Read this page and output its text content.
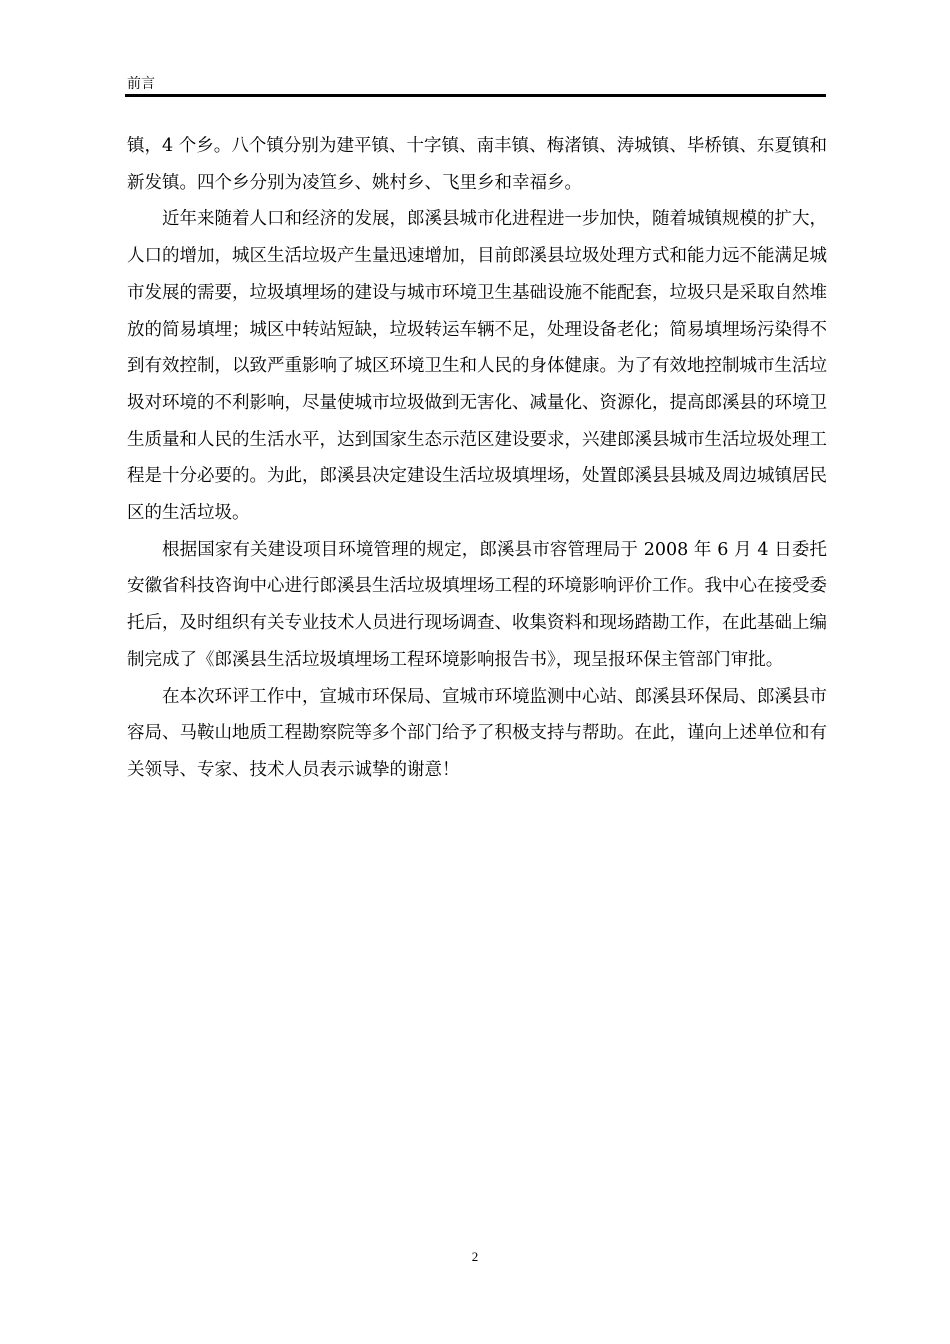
前言

镇，4 个乡。八个镇分别为建平镇、十字镇、南丰镇、梅渚镇、涛城镇、毕桥镇、东夏镇和新发镇。四个乡分别为凌笪乡、姚村乡、飞里乡和幸福乡。

近年来随着人口和经济的发展，郎溪县城市化进程进一步加快，随着城镇规模的扩大，人口的增加，城区生活垃圾产生量迅速增加，目前郎溪县垃圾处理方式和能力远不能满足城市发展的需要，垃圾填埋场的建设与城市环境卫生基础设施不能配套，垃圾只是采取自然堆放的简易填埋；城区中转站短缺，垃圾转运车辆不足，处理设备老化；简易填埋场污染得不到有效控制，以致严重影响了城区环境卫生和人民的身体健康。为了有效地控制城市生活垃圾对环境的不利影响，尽量使城市垃圾做到无害化、减量化、资源化，提高郎溪县的环境卫生质量和人民的生活水平，达到国家生态示范区建设要求，兴建郎溪县城市生活垃圾处理工程是十分必要的。为此，郎溪县决定建设生活垃圾填埋场，处置郎溪县县城及周边城镇居民区的生活垃圾。

根据国家有关建设项目环境管理的规定，郎溪县市容管理局于 2008 年 6 月 4 日委托安徽省科技咨询中心进行郎溪县生活垃圾填埋场工程的环境影响评价工作。我中心在接受委托后，及时组织有关专业技术人员进行现场调查、收集资料和现场踏勘工作，在此基础上编制完成了《郎溪县生活垃圾填埋场工程环境影响报告书》，现呈报环保主管部门审批。

在本次环评工作中，宣城市环保局、宣城市环境监测中心站、郎溪县环保局、郎溪县市容局、马鞍山地质工程勘察院等多个部门给予了积极支持与帮助。在此，谨向上述单位和有关领导、专家、技术人员表示诚挚的谢意！

2
